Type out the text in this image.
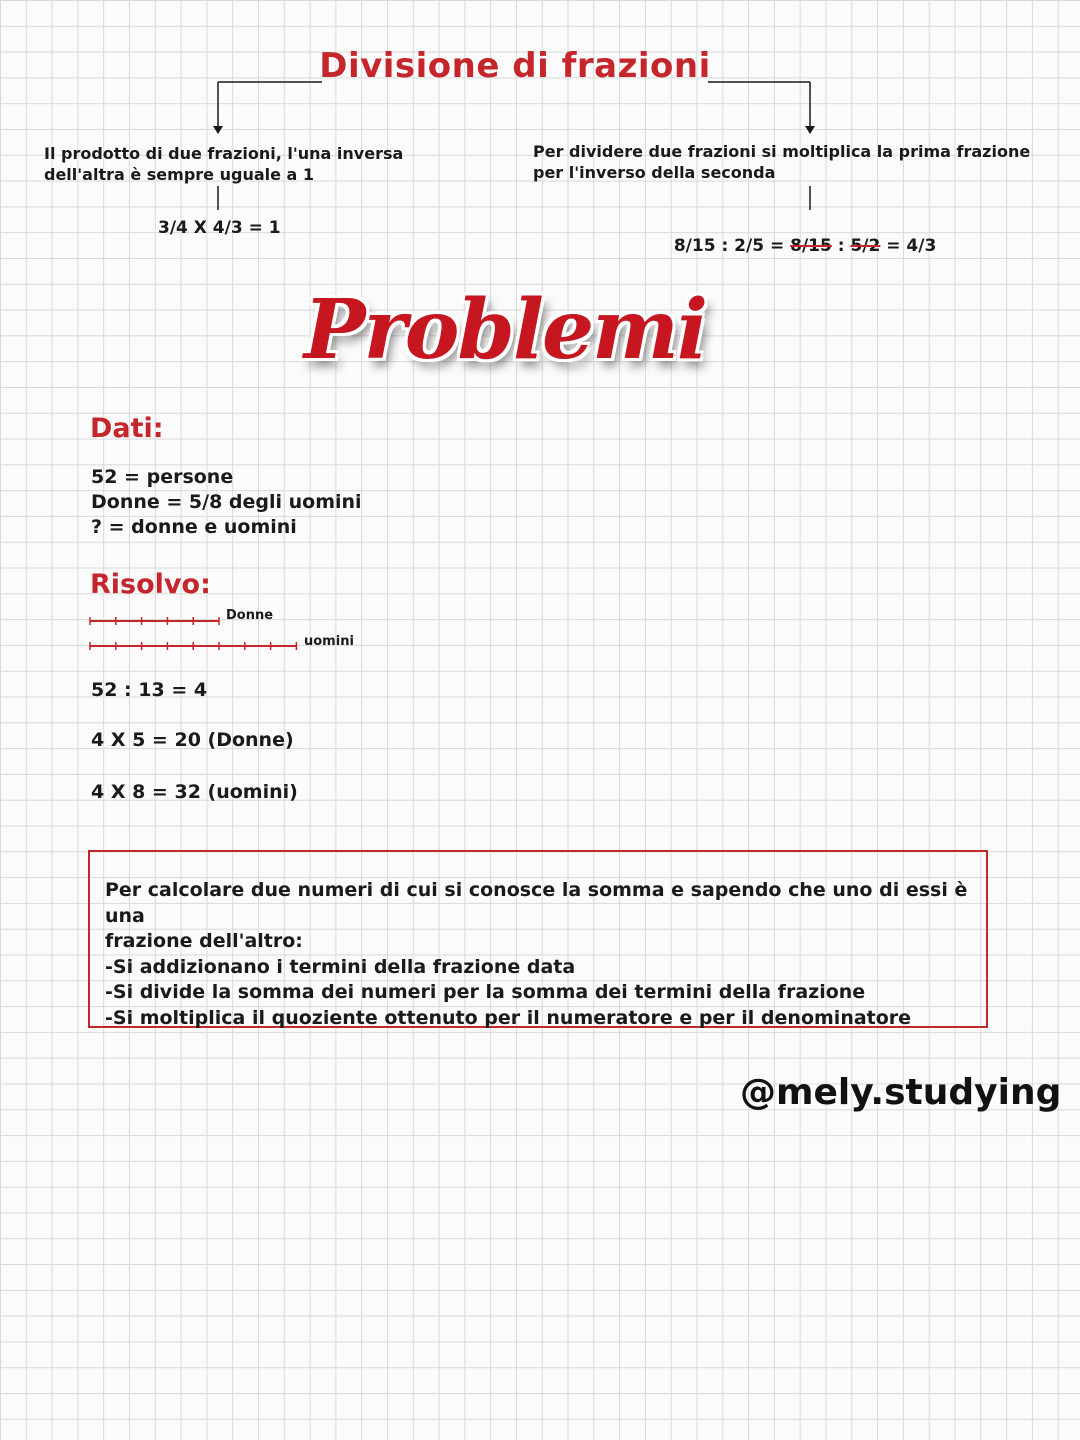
Divisione di frazioni
Il prodotto di due frazioni, l'una inversa
dell'altra è sempre uguale a 1
3/4 X 4/3 = 1
Per dividere due frazioni si moltiplica la prima frazione
per l'inverso della seconda

8/15 : 2/5 = 8/15 : 5/2 = 4/3

Problemi
Dati:
52 = persone
Donne = 5/8 degli uomini
? = donne e uomini
Risolvo:
Donne
uomini
52 : 13 = 4
4 X 5 = 20 (Donne)
4 X 8 = 32 (uomini)
Per calcolare due numeri di cui si conosce la somma e sapendo che uno di essi è una
frazione dell'altro:
-Si addizionano i termini della frazione data
-Si divide la somma dei numeri per la somma dei termini della frazione
-Si moltiplica il quoziente ottenuto per il numeratore e per il denominatore
@mely.studying
